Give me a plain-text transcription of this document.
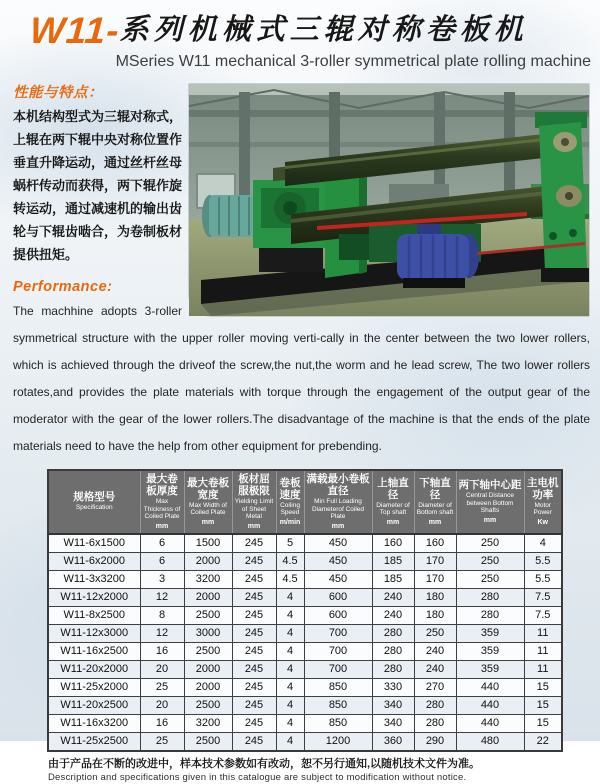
W11-系列机械式三辊对称卷板机
MSeries W11 mechanical 3-roller symmetrical plate rolling machine
性能与特点：

本机结构型式为三辊对称式，上辊在两下辊中央对称位置作垂直升降运动，通过丝杆丝母蜗杆传动而获得，两下辊作旋转运动，通过减速机的输出齿轮与下辊齿啮合，为卷制板材提供扭矩。

Performance:

The machhine adopts 3-roller symmetrical structure with the upper roller moving verti-cally in the center between the two lower rollers, which is achieved through the driveof the screw,the nut,the worm and he lead screw, The two lower rollers rotates,and provides the plate materials with torque through the engagement of the output gear of the moderator with the gear of the lower rollers.The disadvantage of the machine is that the ends of the plate materials need to have the help from other equipment for prebending.

规格型号
Specification

最大卷板厚度
Max Thickness of Coiled Plate
mm

最大卷板宽度
Max Width of Coiled Plate
mm

板材屈服极限
Yielding Limit of Sheet Metal
mm

卷板速度
Coiling Speed
m/min

满载最小卷板直径
Min Full Loading Diameterof Coiled Plate
mm

上轴直径
Diameter of Top shaft
mm

下轴直径
Diameter of Bottom shaft
mm

两下轴中心距
Central Distance between Bottom Shafts
mm

主电机功率
Motor Power
Kw

W11-6x1500	6	1500	245	5	450	160	160	250	4
W11-6x2000	6	2000	245	4.5	450	185	170	250	5.5
W11-3x3200	3	3200	245	4.5	450	185	170	250	5.5
W11-12x2000	12	2000	245	4	600	240	180	280	7.5
W11-8x2500	8	2500	245	4	600	240	180	280	7.5
W11-12x3000	12	3000	245	4	700	280	250	359	11
W11-16x2500	16	2500	245	4	700	280	240	359	11
W11-20x2000	20	2000	245	4	700	280	240	359	11
W11-25x2000	25	2000	245	4	850	330	270	440	15
W11-20x2500	20	2500	245	4	850	340	280	440	15
W11-16x3200	16	3200	245	4	850	340	280	440	15
W11-25x2500	25	2500	245	4	1200	360	290	480	22

由于产品在不断的改进中，样本技术参数如有改动，恕不另行通知,以随机技术文件为准。

Description and specifications given in this catalogue are subject to modification without notice.
